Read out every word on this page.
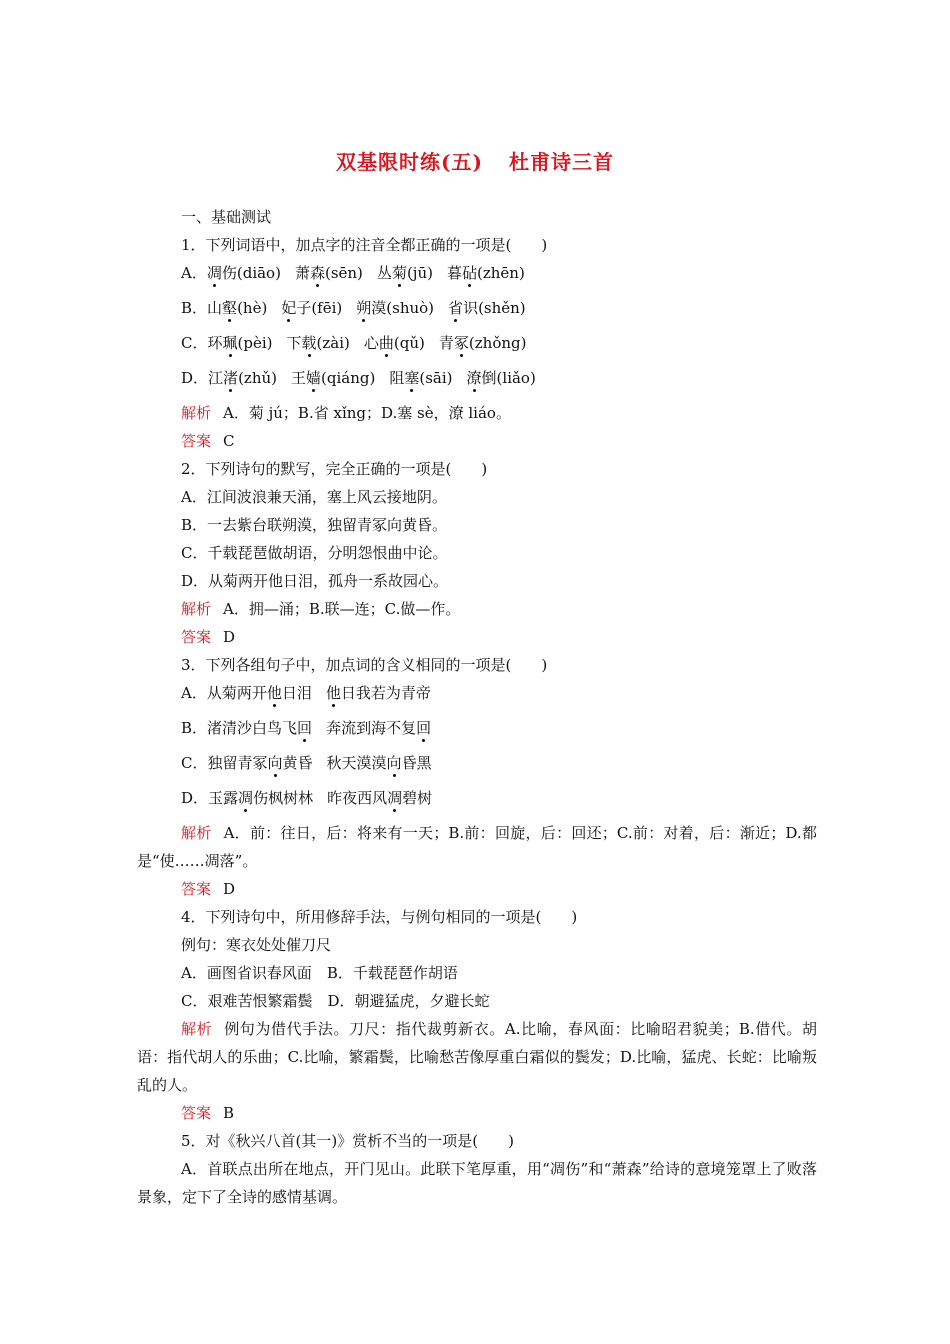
双基限时练(五) 杜甫诗三首
一、基础测试
1．下列词语中，加点字的注音全都正确的一项是(　　)
A．凋伤(diāo) 萧森(sēn) 丛菊(jū) 暮砧(zhēn)
B．山壑(hè) 妃子(fēi) 朔漠(shuò) 省识(shěn)
C．环珮(pèi) 下载(zài) 心曲(qǔ) 青冢(zhǒng)
D．江渚(zhǔ) 王嫱(qiáng) 阻塞(sāi) 潦倒(liǎo)
解析 A．菊 jú；B.省 xǐng；D.塞 sè，潦 liáo。
答案 C
2．下列诗句的默写，完全正确的一项是(　　)
A．江间波浪兼天涌，塞上风云接地阴。
B．一去紫台联朔漠，独留青冢向黄昏。
C．千载琵琶做胡语，分明怨恨曲中论。
D．从菊两开他日泪，孤舟一系故园心。
解析 A．拥—涌；B.联—连；C.做—作。
答案 D
3．下列各组句子中，加点词的含义相同的一项是(　　)
A．从菊两开他日泪 他日我若为青帝
B．渚清沙白鸟飞回 奔流到海不复回
C．独留青冢向黄昏 秋天漠漠向昏黑
D．玉露凋伤枫树林 昨夜西风凋碧树
解析 A．前：往日，后：将来有一天；B.前：回旋，后：回还；C.前：对着，后：渐近；D.都是“使……凋落”。
答案 D
4．下列诗句中，所用修辞手法，与例句相同的一项是(　　)
例句：寒衣处处催刀尺
A．画图省识春风面　B．千载琵琶作胡语
C．艰难苦恨繁霜鬓　D．朝避猛虎，夕避长蛇
解析 例句为借代手法。刀尺：指代裁剪新衣。A.比喻，春风面：比喻昭君貌美；B.借代。胡语：指代胡人的乐曲；C.比喻，繁霜鬓，比喻愁苦像厚重白霜似的鬓发；D.比喻，猛虎、长蛇：比喻叛乱的人。
答案 B
5．对《秋兴八首(其一)》赏析不当的一项是(　　)
A．首联点出所在地点，开门见山。此联下笔厚重，用“凋伤”和“萧森”给诗的意境笼罩上了败落景象，定下了全诗的感情基调。
